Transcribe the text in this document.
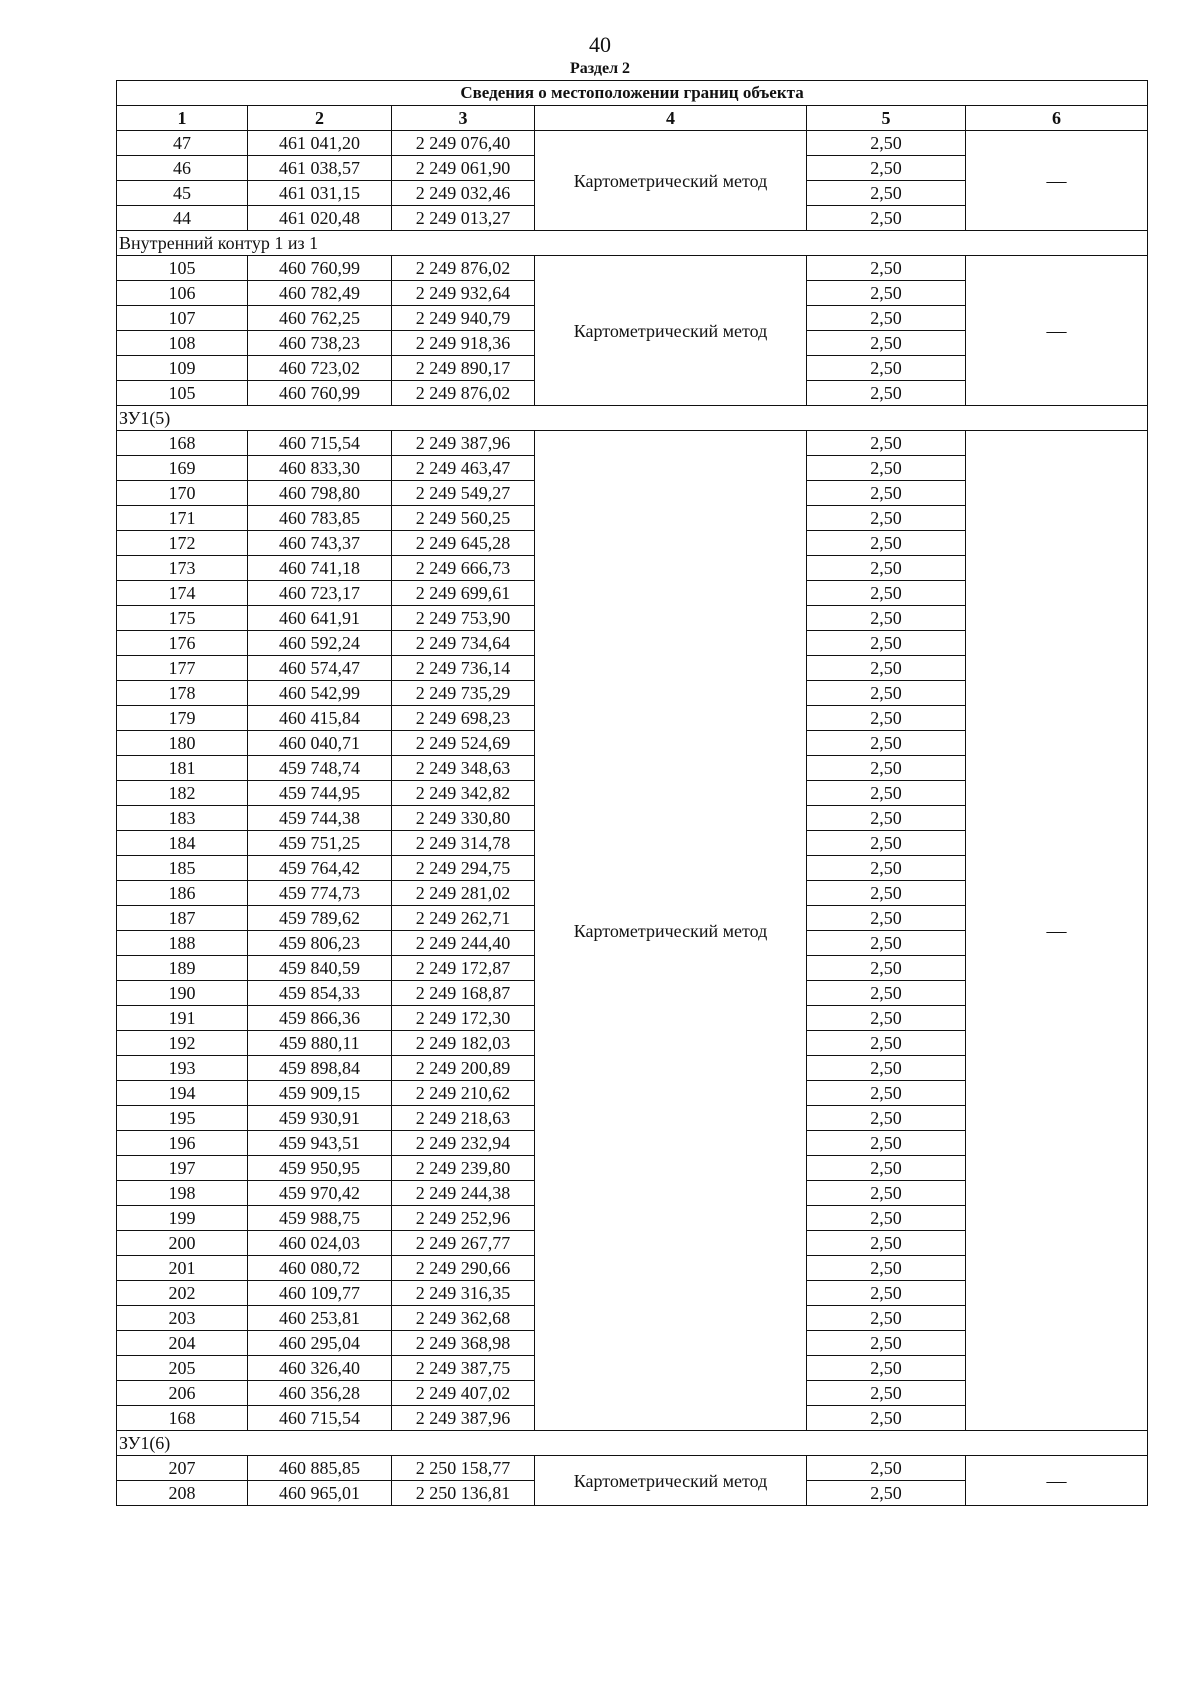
40
Раздел 2
Сведения о местоположении границ объекта					
1	2	3	4	5	6
47	461 041,20	2 249 076,40	Картометрический метод	2,50	—
46	461 038,57	2 249 061,90		2,50	
45	461 031,15	2 249 032,46		2,50	
44	461 020,48	2 249 013,27		2,50	
Внутренний контур 1 из 1					
105	460 760,99	2 249 876,02	Картометрический метод	2,50	—
106	460 782,49	2 249 932,64		2,50	
107	460 762,25	2 249 940,79		2,50	
108	460 738,23	2 249 918,36		2,50	
109	460 723,02	2 249 890,17		2,50	
105	460 760,99	2 249 876,02		2,50	
ЗУ1(5)					
168	460 715,54	2 249 387,96	Картометрический метод	2,50	—
169	460 833,30	2 249 463,47		2,50	
170	460 798,80	2 249 549,27		2,50	
171	460 783,85	2 249 560,25		2,50	
172	460 743,37	2 249 645,28		2,50	
173	460 741,18	2 249 666,73		2,50	
174	460 723,17	2 249 699,61		2,50	
175	460 641,91	2 249 753,90		2,50	
176	460 592,24	2 249 734,64		2,50	
177	460 574,47	2 249 736,14		2,50	
178	460 542,99	2 249 735,29		2,50	
179	460 415,84	2 249 698,23		2,50	
180	460 040,71	2 249 524,69		2,50	
181	459 748,74	2 249 348,63		2,50	
182	459 744,95	2 249 342,82		2,50	
183	459 744,38	2 249 330,80		2,50	
184	459 751,25	2 249 314,78		2,50	
185	459 764,42	2 249 294,75		2,50	
186	459 774,73	2 249 281,02		2,50	
187	459 789,62	2 249 262,71		2,50	
188	459 806,23	2 249 244,40		2,50	
189	459 840,59	2 249 172,87		2,50	
190	459 854,33	2 249 168,87		2,50	
191	459 866,36	2 249 172,30		2,50	
192	459 880,11	2 249 182,03		2,50	
193	459 898,84	2 249 200,89		2,50	
194	459 909,15	2 249 210,62		2,50	
195	459 930,91	2 249 218,63		2,50	
196	459 943,51	2 249 232,94		2,50	
197	459 950,95	2 249 239,80		2,50	
198	459 970,42	2 249 244,38		2,50	
199	459 988,75	2 249 252,96		2,50	
200	460 024,03	2 249 267,77		2,50	
201	460 080,72	2 249 290,66		2,50	
202	460 109,77	2 249 316,35		2,50	
203	460 253,81	2 249 362,68		2,50	
204	460 295,04	2 249 368,98		2,50	
205	460 326,40	2 249 387,75		2,50	
206	460 356,28	2 249 407,02		2,50	
168	460 715,54	2 249 387,96		2,50	
ЗУ1(6)					
207	460 885,85	2 250 158,77	Картометрический метод	2,50	—
208	460 965,01	2 250 136,81		2,50	
